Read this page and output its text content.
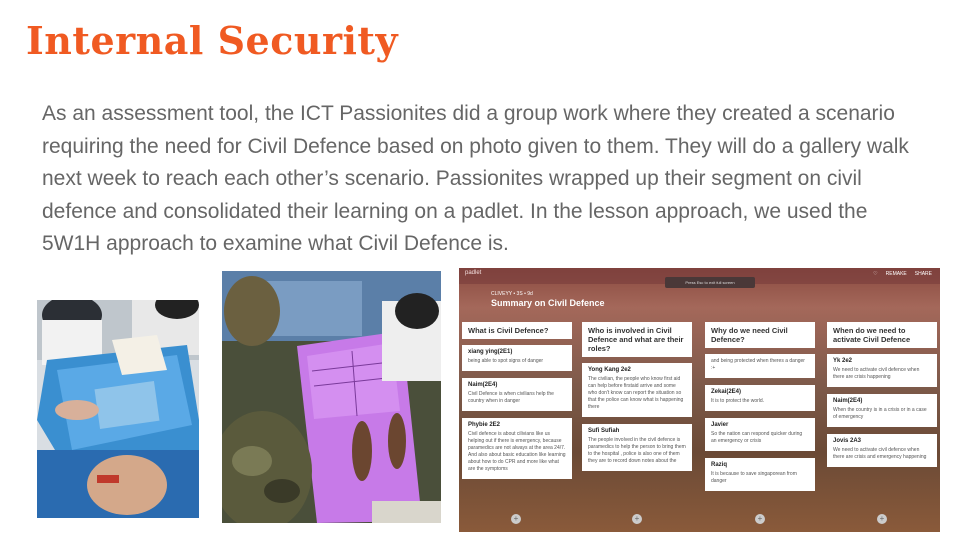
Internal Security
As an assessment tool, the ICT Passionites did a group work where they created a scenario requiring the need for Civil Defence based on photo given to them. They will do a gallery walk next week to reach each other’s scenario. Passionites wrapped up their segment on civil defence and consolidated their learning on a padlet. In the lesson approach, we used the 5W1H approach to examine what Civil Defence is.
padlet
Press Esc to exit full screen
♡ REMAKE SHARE
CLIVEYY • 3S • 9d
Summary on Civil Defence
What is Civil Defence?
xiang ying(2E1)
being able to spot signs of danger
Naim(2E4)
Civil Defence is when civilians help the country when in danger
Phybie 2E2
Civil defence is about cilivians like us helping out if there is emergency, because paramedics are not always at the area 24/7. And also about basic education like learning about how to do CPR and more like what are the symptoms
Who is involved in Civil Defence and what are their roles?
Yong Kang 2e2
The civilian, the people who know first aid can help before firstaid arrive and some who don't know can report the situation so that the police can know what is happening there
Sufi Sufiah
The people involved in the civil defence is paramedics to help the person to bring them to the hospital , police is also one of them they are to record down notes about the
Why do we need Civil Defence?
and being protected when theres a danger :+
Zekai(2E4)
It is to protect the world.
Javier
So the nation can respond quicker during an emergency or crisis
Raziq
It is because to save singaporean from danger
When do we need to activate Civil Defence
Yk 2e2
We need to activate civil defence when there are crisis happening
Naim(2E4)
When the country is in a crisis or in a case of emergency
Jovis 2A3
We need to activate civil defence when there are crisis and emergency happening
+	+	+	+
